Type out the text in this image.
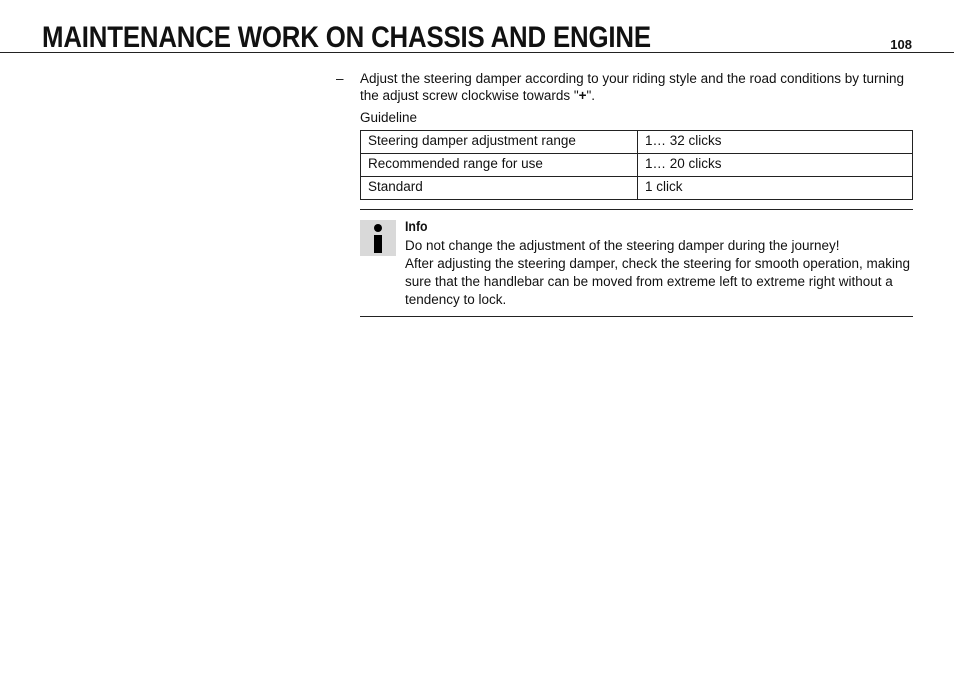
MAINTENANCE WORK ON CHASSIS AND ENGINE	108
– Adjust the steering damper according to your riding style and the road conditions by turning the adjust screw clockwise towards "+".
Guideline
Steering damper adjustment range	1… 32 clicks
Recommended range for use	1… 20 clicks
Standard	1 click
Info

Do not change the adjustment of the steering damper during the journey!

After adjusting the steering damper, check the steering for smooth operation, making sure that the handlebar can be moved from extreme left to extreme right without a tendency to lock.
